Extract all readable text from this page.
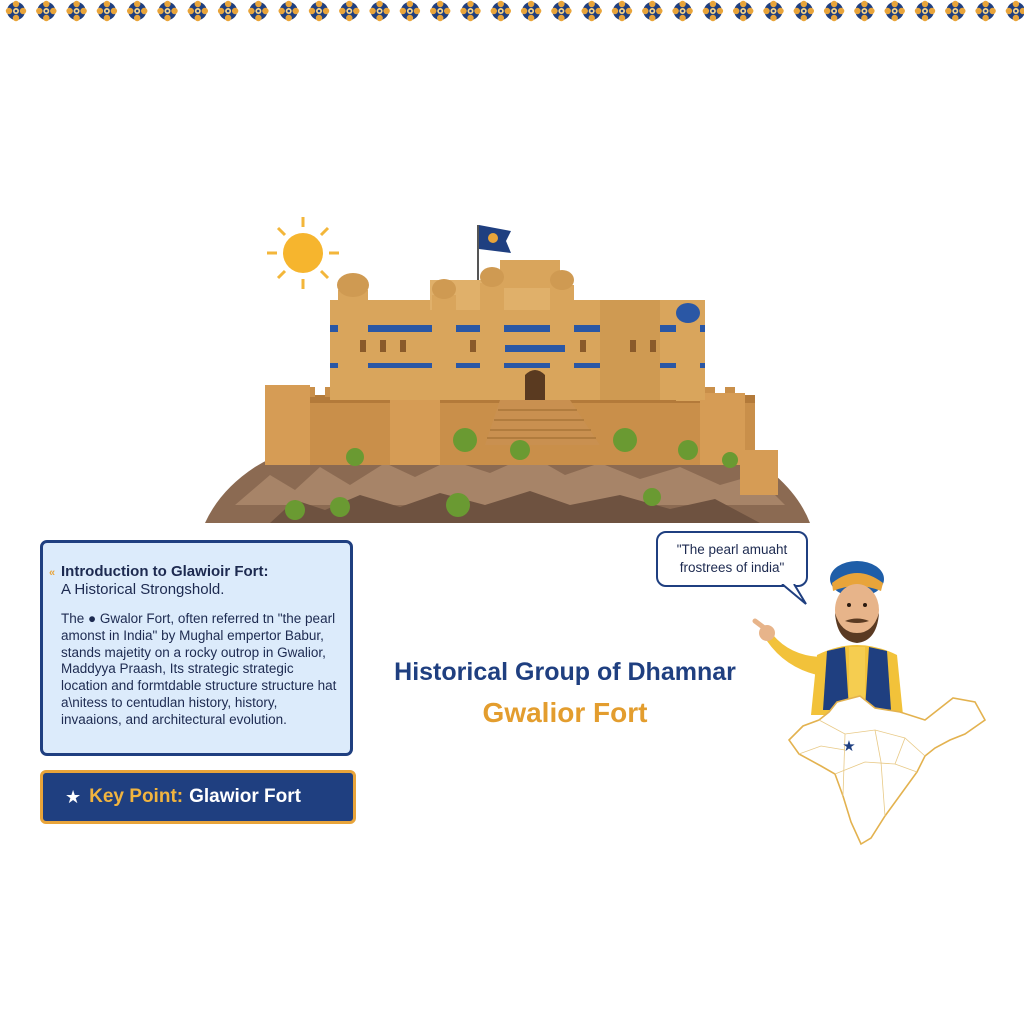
« Introduction to Glawioir Fort:
A Historical Strongshold.

The ● Gwalor Fort, often referred tn "the pearl amonst in India" by Mughal empertor Babur, stands majetity on a rocky outrop in Gwalior, Maddyya Praash, Its strategic strategic location and formtdable structure structure hat a\nitess to centudlan history, history, invaaions, and architectural evolution.

★ Key Point: Glawior Fort
Historical Group of Dhamnar
Gwalior Fort
"The pearl amuaht frostrees of india"
★
